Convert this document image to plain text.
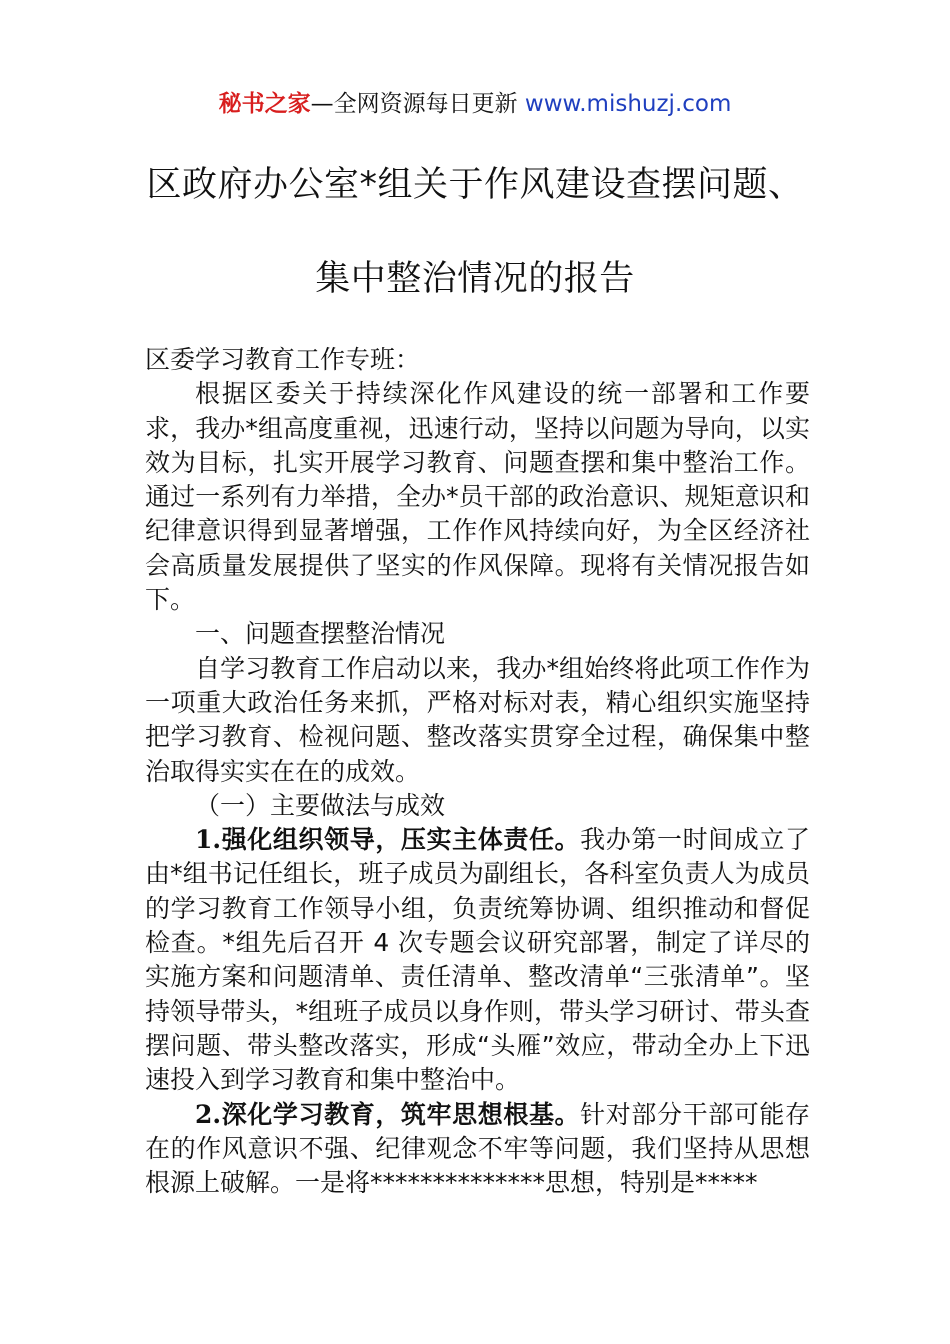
秘书之家—全网资源每日更新 www.mishuzj.com
区政府办公室*组关于作风建设查摆问题、
集中整治情况的报告

区委学习教育工作专班：

根据区委关于持续深化作风建设的统一部署和工作要求，我办*组高度重视，迅速行动，坚持以问题为导向，以实效为目标，扎实开展学习教育、问题查摆和集中整治工作。通过一系列有力举措，全办*员干部的政治意识、规矩意识和纪律意识得到显著增强，工作作风持续向好，为全区经济社会高质量发展提供了坚实的作风保障。现将有关情况报告如下。

一、问题查摆整治情况

自学习教育工作启动以来，我办*组始终将此项工作作为一项重大政治任务来抓，严格对标对表，精心组织实施坚持把学习教育、检视问题、整改落实贯穿全过程，确保集中整治取得实实在在的成效。

（一）主要做法与成效

1.强化组织领导，压实主体责任。我办第一时间成立了由*组书记任组长，班子成员为副组长，各科室负责人为成员的学习教育工作领导小组，负责统筹协调、组织推动和督促检查。*组先后召开 4 次专题会议研究部署，制定了详尽的实施方案和问题清单、责任清单、整改清单“三张清单”。坚持领导带头，*组班子成员以身作则，带头学习研讨、带头查摆问题、带头整改落实，形成“头雁”效应，带动全办上下迅速投入到学习教育和集中整治中。

2.深化学习教育，筑牢思想根基。针对部分干部可能存在的作风意识不强、纪律观念不牢等问题，我们坚持从思想根源上破解。一是将**************思想，特别是*****
